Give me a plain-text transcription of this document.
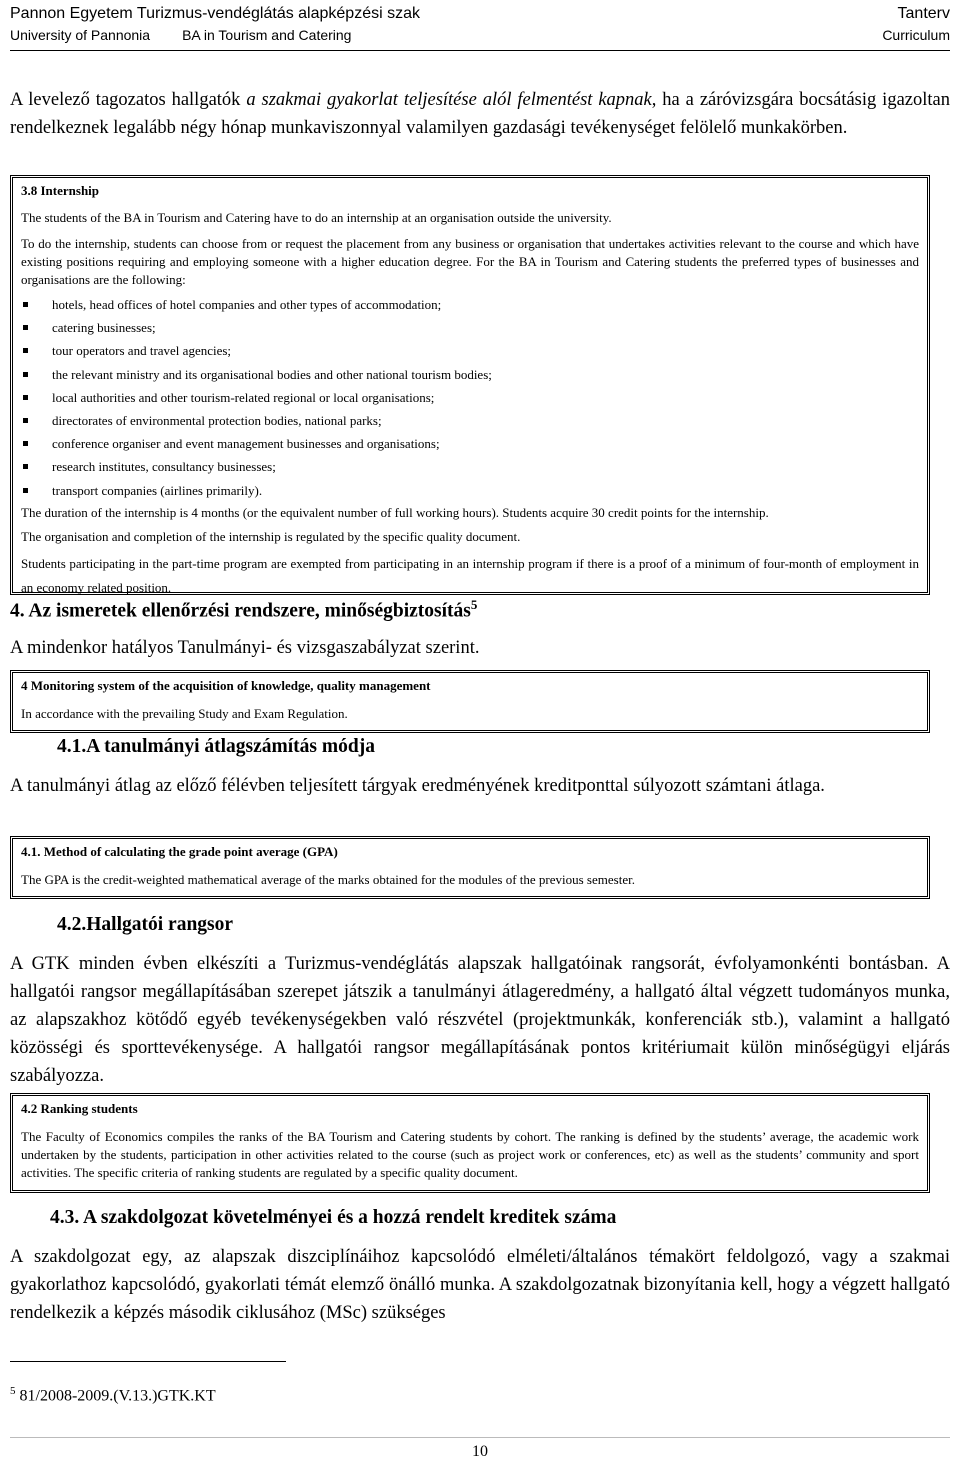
Pannon Egyetem Turizmus-vendéglátás alapképzési szak	Tanterv
University of Pannonia BA in Tourism and Catering	Curriculum
A levelező tagozatos hallgatók a szakmai gyakorlat teljesítése alól felmentést kapnak, ha a záróvizsgára bocsátásig igazoltan rendelkeznek legalább négy hónap munkaviszonnyal valamilyen gazdasági tevékenységet felölelő munkakörben.
3.8 Internship
The students of the BA in Tourism and Catering have to do an internship at an organisation outside the university.
To do the internship, students can choose from or request the placement from any business or organisation that undertakes activities relevant to the course and which have existing positions requiring and employing someone with a higher education degree. For the BA in Tourism and Catering students the preferred types of businesses and organisations are the following:
hotels, head offices of hotel companies and other types of accommodation;
catering businesses;
tour operators and travel agencies;
the relevant ministry and its organisational bodies and other national tourism bodies;
local authorities and other tourism-related regional or local organisations;
directorates of environmental protection bodies, national parks;
conference organiser and event management businesses and organisations;
research institutes, consultancy businesses;
transport companies (airlines primarily).
The duration of the internship is 4 months (or the equivalent number of full working hours). Students acquire 30 credit points for the internship.
The organisation and completion of the internship is regulated by the specific quality document.
Students participating in the part-time program are exempted from participating in an internship program if there is a proof of a minimum of four-month of employment in an economy related position.
4. Az ismeretek ellenőrzési rendszere, minőségbiztosítás$^5$
A mindenkor hatályos Tanulmányi- és vizsgaszabályzat szerint.
4 Monitoring system of the acquisition of knowledge, quality management
In accordance with the prevailing Study and Exam Regulation.
4.1.A tanulmányi átlagszámítás módja
A tanulmányi átlag az előző félévben teljesített tárgyak eredményének kreditponttal súlyozott számtani átlaga.
4.1. Method of calculating the grade point average (GPA)
The GPA is the credit-weighted mathematical average of the marks obtained for the modules of the previous semester.
4.2.Hallgatói rangsor
A GTK minden évben elkészíti a Turizmus-vendéglátás alapszak hallgatóinak rangsorát, évfolyamonkénti bontásban. A hallgatói rangsor megállapításában szerepet játszik a tanulmányi átlageredmény, a hallgató által végzett tudományos munka, az alapszakhoz kötődő egyéb tevékenységekben való részvétel (projektmunkák, konferenciák stb.), valamint a hallgató közösségi és sporttevékenysége. A hallgatói rangsor megállapításának pontos kritériumait külön minőségügyi eljárás szabályozza.
4.2 Ranking students
The Faculty of Economics compiles the ranks of the BA Tourism and Catering students by cohort. The ranking is defined by the students’ average, the academic work undertaken by the students, participation in other activities related to the course (such as project work or conferences, etc) as well as the students’ community and sport activities. The specific criteria of ranking students are regulated by a specific quality document.
4.3. A szakdolgozat követelményei és a hozzá rendelt kreditek száma
A szakdolgozat egy, az alapszak diszciplínáihoz kapcsolódó elméleti/általános témakört feldolgozó, vagy a szakmai gyakorlathoz kapcsolódó, gyakorlati témát elemző önálló munka. A szakdolgozatnak bizonyítania kell, hogy a végzett hallgató rendelkezik a képzés második ciklusához (MSc) szükséges
$^5$ 81/2008-2009.(V.13.)GTK.KT
10
